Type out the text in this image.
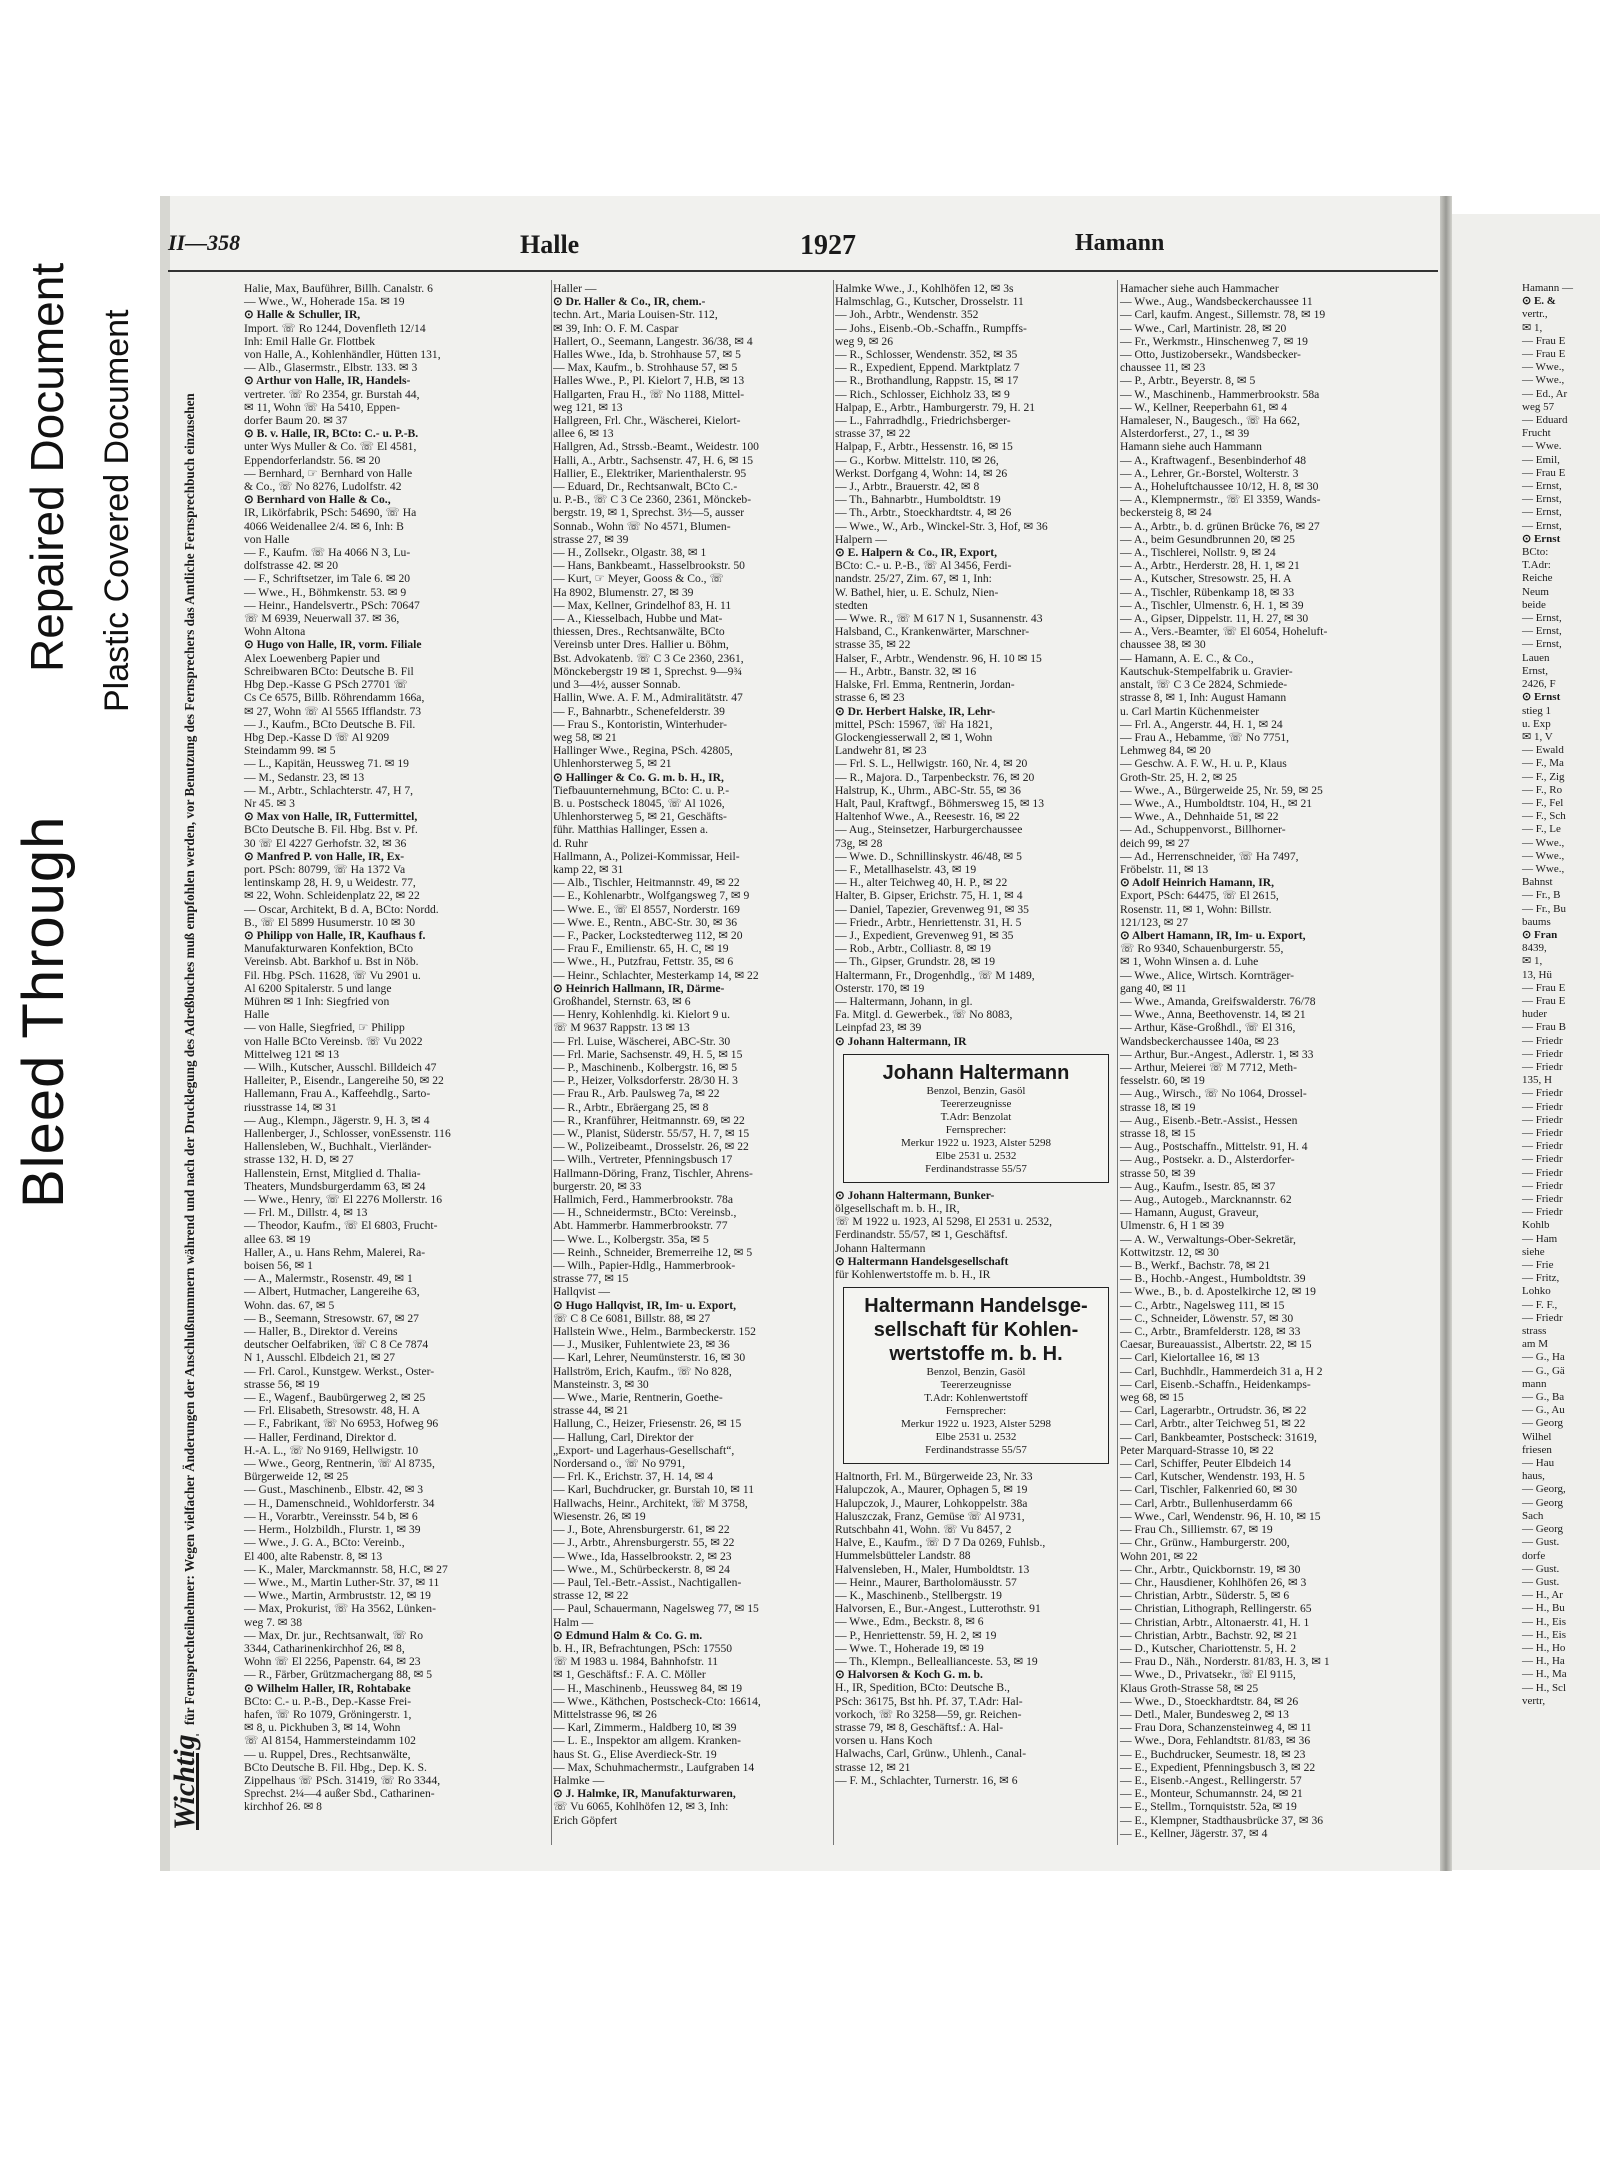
Bleed Through
Repaired Document Plastic Covered Document
II—358	Halle	1927	Hamann
Wichtig für Fernsprechteilnehmer: Wegen vielfacher Änderungen der Anschlußnummern während und nach der Drucklegung des Adreßbuches muß empfohlen werden, vor Benutzung des Fernsprechers das Amtliche Fernsprechbuch einzusehen
Halie, Max, Bauführer, Billh. Canalstr. 6
— Wwe., W., Hoherade 15a. ✉ 19
⊙ Halle & Schuller, IR,
Import. ☏ Ro 1244, Dovenfleth 12/14
Inh: Emil Halle Gr. Flottbek
von Halle, A., Kohlenhändler, Hütten 131,
— Alb., Glasermstr., Elbstr. 133. ✉ 3
⊙ Arthur von Halle, IR, Handels-
vertreter. ☏ Ro 2354, gr. Burstah 44,
✉ 11, Wohn ☏ Ha 5410, Eppen-
dorfer Baum 20. ✉ 37
⊙ B. v. Halle, IR, BCto: C.- u. P.-B.
unter Wys Muller & Co. ☏ El 4581,
Eppendorferlandstr. 56. ✉ 20
— Bernhard, ☞ Bernhard von Halle
& Co., ☏ No 8276, Ludolfstr. 42
⊙ Bernhard von Halle & Co.,
IR, Likörfabrik, PSch: 54690, ☏ Ha
4066 Weidenallee 2/4. ✉ 6, Inh: B
von Halle
— F., Kaufm. ☏ Ha 4066 N 3, Lu-
dolfstrasse 42. ✉ 20
— F., Schriftsetzer, im Tale 6. ✉ 20
— Wwe., H., Böhmkenstr. 53. ✉ 9
— Heinr., Handelsvertr., PSch: 70647
☏ M 6939, Neuerwall 37. ✉ 36,
Wohn Altona
⊙ Hugo von Halle, IR, vorm. Filiale
Alex Loewenberg Papier und
Schreibwaren BCto: Deutsche B. Fil
Hbg Dep.-Kasse G PSch 27701 ☏
Cs Ce 6575, Billb. Röhrendamm 166a,
✉ 27, Wohn ☏ Al 5565 Ifflandstr. 73
— J., Kaufm., BCto Deutsche B. Fil.
Hbg Dep.-Kasse D ☏ Al 9209
Steindamm 99. ✉ 5
— L., Kapitän, Heussweg 71. ✉ 19
— M., Sedanstr. 23, ✉ 13
— M., Arbtr., Schlachterstr. 47, H 7,
Nr 45. ✉ 3
⊙ Max von Halle, IR, Futtermittel,
BCto Deutsche B. Fil. Hbg. Bst v. Pf.
30 ☏ El 4227 Gerhofstr. 32, ✉ 36
⊙ Manfred P. von Halle, IR, Ex-
port. PSch: 80799, ☏ Ha 1372 Va
lentinskamp 28, H. 9, u Weidestr. 77,
✉ 22, Wohn. Schleidenplatz 22, ✉ 22
— Oscar, Architekt, B d. A, BCto: Nordd.
B., ☏ El 5899 Husumerstr. 10 ✉ 30
⊙ Philipp von Halle, IR, Kaufhaus f.
Manufakturwaren Konfektion, BCto
Vereinsb. Abt. Barkhof u. Bst in Nöb.
Fil. Hbg. PSch. 11628, ☏ Vu 2901 u.
Al 6200 Spitalerstr. 5 und lange
Mühren ✉ 1 Inh: Siegfried von
Halle
— von Halle, Siegfried, ☞ Philipp
von Halle BCto Vereinsb. ☏ Vu 2022
Mittelweg 121 ✉ 13
— Wilh., Kutscher, Ausschl. Billdeich 47
Halleiter, P., Eisendr., Langereihe 50, ✉ 22
Hallemann, Frau A., Kaffeehdlg., Sarto-
riusstrasse 14, ✉ 31
— Aug., Klempn., Jägerstr. 9, H. 3, ✉ 4
Hallenberger, J., Schlosser, vonEssenstr. 116
Hallensleben, W., Buchhalt., Vierländer-
strasse 132, H. D, ✉ 27
Hallenstein, Ernst, Mitglied d. Thalia-
Theaters, Mundsburgerdamm 63, ✉ 24
— Wwe., Henry, ☏ El 2276 Mollerstr. 16
— Frl. M., Dillstr. 4, ✉ 13
— Theodor, Kaufm., ☏ El 6803, Frucht-
allee 63. ✉ 19
Haller, A., u. Hans Rehm, Malerei, Ra-
boisen 56, ✉ 1
— A., Malermstr., Rosenstr. 49, ✉ 1
— Albert, Hutmacher, Langereihe 63,
Wohn. das. 67, ✉ 5
— B., Seemann, Stresowstr. 67, ✉ 27
— Haller, B., Direktor d. Vereins
deutscher Oelfabriken, ☏ C 8 Ce 7874
N 1, Ausschl. Elbdeich 21, ✉ 27
— Frl. Carol., Kunstgew. Werkst., Oster-
strasse 56, ✉ 19
— E., Wagenf., Baubürgerweg 2, ✉ 25
— Frl. Elisabeth, Stresowstr. 48, H. A
— F., Fabrikant, ☏ No 6953, Hofweg 96
— Haller, Ferdinand, Direktor d.
H.-A. L., ☏ No 9169, Hellwigstr. 10
— Wwe., Georg, Rentnerin, ☏ Al 8735,
Bürgerweide 12, ✉ 25
— Gust., Maschinenb., Elbstr. 42, ✉ 3
— H., Damenschneid., Wohldorferstr. 34
— H., Vorarbtr., Vereinsstr. 54 b, ✉ 6
— Herm., Holzbildh., Flurstr. 1, ✉ 39
— Wwe., J. G. A., BCto: Vereinb.,
El 400, alte Rabenstr. 8, ✉ 13
— K., Maler, Marckmannstr. 58, H.C, ✉ 27
— Wwe., M., Martin Luther-Str. 37, ✉ 11
— Wwe., Martin, Armbruststr. 12, ✉ 19
— Max, Prokurist, ☏ Ha 3562, Lünken-
weg 7. ✉ 38
— Max, Dr. jur., Rechtsanwalt, ☏ Ro
3344, Catharinenkirchhof 26, ✉ 8,
Wohn ☏ El 2256, Papenstr. 64, ✉ 23
— R., Färber, Grützmachergang 88, ✉ 5
⊙ Wilhelm Haller, IR, Rohtabake
BCto: C.- u. P.-B., Dep.-Kasse Frei-
hafen, ☏ Ro 1079, Gröningerstr. 1,
✉ 8, u. Pickhuben 3, ✉ 14, Wohn
☏ Al 8154, Hammersteindamm 102
— u. Ruppel, Dres., Rechtsanwälte,
BCto Deutsche B. Fil. Hbg., Dep. K. S.
Zippelhaus ☏ PSch. 31419, ☏ Ro 3344,
Sprechst. 2¼—4 außer Sbd., Catharinen-
kirchhof 26. ✉ 8
Haller —
⊙ Dr. Haller & Co., IR, chem.-
techn. Art., Maria Louisen-Str. 112,
✉ 39, Inh: O. F. M. Caspar
Hallert, O., Seemann, Langestr. 36/38, ✉ 4
Halles Wwe., Ida, b. Strohhause 57, ✉ 5
— Max, Kaufm., b. Strohhause 57, ✉ 5
Halles Wwe., P., Pl. Kielort 7, H.B, ✉ 13
Hallgarten, Frau H., ☏ No 1188, Mittel-
weg 121, ✉ 13
Hallgreen, Frl. Chr., Wäscherei, Kielort-
allee 6, ✉ 13
Hallgren, Ad., Strssb.-Beamt., Weidestr. 100
Halli, A., Arbtr., Sachsenstr. 47, H. 6, ✉ 15
Hallier, E., Elektriker, Marienthalerstr. 95
— Eduard, Dr., Rechtsanwalt, BCto C.-
u. P.-B., ☏ C 3 Ce 2360, 2361, Mönckeb-
bergstr. 19, ✉ 1, Sprechst. 3½—5, ausser
Sonnab., Wohn ☏ No 4571, Blumen-
strasse 27, ✉ 39
— H., Zollsekr., Olgastr. 38, ✉ 1
— Hans, Bankbeamt., Hasselbrookstr. 50
— Kurt, ☞ Meyer, Gooss & Co., ☏
Ha 8902, Blumenstr. 27, ✉ 39
— Max, Kellner, Grindelhof 83, H. 11
— A., Kiesselbach, Hubbe und Mat-
thiessen, Dres., Rechtsanwälte, BCto
Vereinsb unter Dres. Hallier u. Böhm,
Bst. Advokatenb. ☏ C 3 Ce 2360, 2361,
Mönckebergstr 19 ✉ 1, Sprechst. 9—9¾
und 3—4½, ausser Sonnab.
Hallin, Wwe. A. F. M., Admiralitätstr. 47
— F., Bahnarbtr., Schenefelderstr. 39
— Frau S., Kontoristin, Winterhuder-
weg 58, ✉ 21
Hallinger Wwe., Regina, PSch. 42805,
Uhlenhorsterweg 5, ✉ 21
⊙ Hallinger & Co. G. m. b. H., IR,
Tiefbauunternehmung, BCto: C. u. P.-
B. u. Postscheck 18045, ☏ Al 1026,
Uhlenhorsterweg 5, ✉ 21, Geschäfts-
führ. Matthias Hallinger, Essen a.
d. Ruhr
Hallmann, A., Polizei-Kommissar, Heil-
kamp 22, ✉ 31
— Alb., Tischler, Heitmannstr. 49, ✉ 22
— E., Kohlenarbtr., Wolfgangsweg 7, ✉ 9
— Wwe. E., ☏ El 8557, Norderstr. 169
— Wwe. E., Rentn., ABC-Str. 30, ✉ 36
— F., Packer, Lockstedterweg 112, ✉ 20
— Frau F., Emilienstr. 65, H. C, ✉ 19
— Wwe., H., Putzfrau, Fettstr. 35, ✉ 6
— Heinr., Schlachter, Mesterkamp 14, ✉ 22
⊙ Heinrich Hallmann, IR, Därme-
Großhandel, Sternstr. 63, ✉ 6
— Henry, Kohlenhdlg. ki. Kielort 9 u.
☏ M 9637 Rappstr. 13 ✉ 13
— Frl. Luise, Wäscherei, ABC-Str. 30
— Frl. Marie, Sachsenstr. 49, H. 5, ✉ 15
— P., Maschinenb., Kolbergstr. 16, ✉ 5
— P., Heizer, Volksdorferstr. 28/30 H. 3
— Frau R., Arb. Paulsweg 7a, ✉ 22
— R., Arbtr., Ebräergang 25, ✉ 8
— R., Kranführer, Heitmannstr. 69, ✉ 22
— W., Planist, Süderstr. 55/57, H. 7, ✉ 15
— W., Polizeibeamt., Drosselstr. 26, ✉ 22
— Wilh., Vertreter, Pfenningsbusch 17
Hallmann-Döring, Franz, Tischler, Ahrens-
burgerstr. 20, ✉ 33
Hallmich, Ferd., Hammerbrookstr. 78a
— H., Schneidermstr., BCto: Vereinsb.,
Abt. Hammerbr. Hammerbrookstr. 77
— Wwe. L., Kolbergstr. 35a, ✉ 5
— Reinh., Schneider, Bremerreihe 12, ✉ 5
— Wilh., Papier-Hdlg., Hammerbrook-
strasse 77, ✉ 15
Hallqvist —
⊙ Hugo Hallqvist, IR, Im- u. Export,
☏ C 8 Ce 6081, Billstr. 88, ✉ 27
Hallstein Wwe., Helm., Barmbeckerstr. 152
— J., Musiker, Fuhlentwiete 23, ✉ 36
— Karl, Lehrer, Neumünsterstr. 16, ✉ 30
Hallström, Erich, Kaufm., ☏ No 828,
Mansteinstr. 3, ✉ 30
— Wwe., Marie, Rentnerin, Goethe-
strasse 44, ✉ 21
Hallung, C., Heizer, Friesenstr. 26, ✉ 15
— Hallung, Carl, Direktor der
„Export- und Lagerhaus-Gesellschaft“,
Nordersand o., ☏ No 9791,
— Frl. K., Erichstr. 37, H. 14, ✉ 4
— Karl, Buchdrucker, gr. Burstah 10, ✉ 11
Hallwachs, Heinr., Architekt, ☏ M 3758,
Wiesenstr. 26, ✉ 19
— J., Bote, Ahrensburgerstr. 61, ✉ 22
— J., Arbtr., Ahrensburgerstr. 55, ✉ 22
— Wwe., Ida, Hasselbrookstr. 2, ✉ 23
— Wwe., M., Schürbeckerstr. 8, ✉ 24
— Paul, Tel.-Betr.-Assist., Nachtigallen-
strasse 12, ✉ 22
— Paul, Schauermann, Nagelsweg 77, ✉ 15
Halm —
⊙ Edmund Halm & Co. G. m.
b. H., IR, Befrachtungen, PSch: 17550
☏ M 1983 u. 1984, Bahnhofstr. 11
✉ 1, Geschäftsf.: F. A. C. Möller
— H., Maschinenb., Heussweg 84, ✉ 19
— Wwe., Käthchen, Postscheck-Cto: 16614,
Mittelstrasse 96, ✉ 26
— Karl, Zimmerm., Haldberg 10, ✉ 39
— L. E., Inspektor am allgem. Kranken-
haus St. G., Elise Averdieck-Str. 19
— Max, Schuhmachermstr., Laufgraben 14
Halmke —
⊙ J. Halmke, IR, Manufakturwaren,
☏ Vu 6065, Kohlhöfen 12, ✉ 3, Inh:
Erich Göpfert
Halmke Wwe., J., Kohlhöfen 12, ✉ 3s
Halmschlag, G., Kutscher, Drosselstr. 11
— Joh., Arbtr., Wendenstr. 352
— Johs., Eisenb.-Ob.-Schaffn., Rumpffs-
weg 9, ✉ 26
— R., Schlosser, Wendenstr. 352, ✉ 35
— R., Expedient, Eppend. Marktplatz 7
— R., Brothandlung, Rappstr. 15, ✉ 17
— Rich., Schlosser, Eichholz 33, ✉ 9
Halpap, E., Arbtr., Hamburgerstr. 79, H. 21
— L., Fahrradhdlg., Friedrichsberger-
strasse 37, ✉ 22
Halpap, F., Arbtr., Hessenstr. 16, ✉ 15
— G., Korbw. Mittelstr. 110, ✉ 26,
Werkst. Dorfgang 4, Wohn: 14, ✉ 26
— J., Arbtr., Brauerstr. 42, ✉ 8
— Th., Bahnarbtr., Humboldtstr. 19
— Th., Arbtr., Stoeckhardtstr. 4, ✉ 26
— Wwe., W., Arb., Winckel-Str. 3, Hof, ✉ 36
Halpern —
⊙ E. Halpern & Co., IR, Export,
BCto: C.- u. P.-B., ☏ Al 3456, Ferdi-
nandstr. 25/27, Zim. 67, ✉ 1, Inh:
W. Bathel, hier, u. E. Schulz, Nien-
stedten
— Wwe. R., ☏ M 617 N 1, Susannenstr. 43
Halsband, C., Krankenwärter, Marschner-
strasse 35, ✉ 22
Halser, F., Arbtr., Wendenstr. 96, H. 10 ✉ 15
— H., Arbtr., Banstr. 32, ✉ 16
Halske, Frl. Emma, Rentnerin, Jordan-
strasse 6, ✉ 23
⊙ Dr. Herbert Halske, IR, Lehr-
mittel, PSch: 15967, ☏ Ha 1821,
Glockengiesserwall 2, ✉ 1, Wohn
Landwehr 81, ✉ 23
— Frl. S. L., Hellwigstr. 160, Nr. 4, ✉ 20
— R., Majora. D., Tarpenbeckstr. 76, ✉ 20
Halstrup, K., Uhrm., ABC-Str. 55, ✉ 36
Halt, Paul, Kraftwgf., Böhmersweg 15, ✉ 13
Haltenhof Wwe., A., Reesestr. 16, ✉ 22
— Aug., Steinsetzer, Harburgerchaussee
73g, ✉ 28
— Wwe. D., Schnillinskystr. 46/48, ✉ 5
— F., Metallhaselstr. 43, ✉ 19
— H., alter Teichweg 40, H. P., ✉ 22
Halter, B. Gipser, Erichstr. 75, H. 1, ✉ 4
— Daniel, Tapezier, Grevenweg 91, ✉ 35
— Friedr., Arbtr., Henriettenstr. 31, H. 5
— J., Expedient, Grevenweg 91, ✉ 35
— Rob., Arbtr., Colliastr. 8, ✉ 19
— Th., Gipser, Grundstr. 28, ✉ 19
Haltermann, Fr., Drogenhdlg., ☏ M 1489,
Osterstr. 170, ✉ 19
— Haltermann, Johann, in gl.
Fa. Mitgl. d. Gewerbek., ☏ No 8083,
Leinpfad 23, ✉ 39
⊙ Johann Haltermann, IR
Johann Haltermann
Benzol, Benzin, Gasöl
Teererzeugnisse
T.Adr: Benzolat
Fernsprecher:
Merkur 1922 u. 1923, Alster 5298
Elbe 2531 u. 2532
Ferdinandstrasse 55/57
⊙ Johann Haltermann, Bunker-
ölgesellschaft m. b. H., IR,
☏ M 1922 u. 1923, Al 5298, El 2531 u. 2532,
Ferdinandstr. 55/57, ✉ 1, Geschäftsf.
Johann Haltermann
⊙ Haltermann Handelsgesellschaft
für Kohlenwertstoffe m. b. H., IR
Haltermann Handelsge-sellschaft für Kohlen-wertstoffe m. b. H.
Benzol, Benzin, Gasöl
Teererzeugnisse
T.Adr: Kohlenwertstoff
Fernsprecher:
Merkur 1922 u. 1923, Alster 5298
Elbe 2531 u. 2532
Ferdinandstrasse 55/57
Haltnorth, Frl. M., Bürgerweide 23, Nr. 33
Halupczok, A., Maurer, Ophagen 5, ✉ 19
Halupczok, J., Maurer, Lohkoppelstr. 38a
Haluszczak, Franz, Gemüse ☏ Al 9731,
Rutschbahn 41, Wohn. ☏ Vu 8457, 2
Halve, E., Kaufm., ☏ D 7 Da 0269, Fuhlsb.,
Hummelsbütteler Landstr. 88
Halvensleben, H., Maler, Humboldtstr. 13
— Heinr., Maurer, Bartholomäusstr. 57
— K., Maschinenb., Stellbergstr. 19
Halvorsen, E., Bur.-Angest., Lutterothstr. 91
— Wwe., Edm., Beckstr. 8, ✉ 6
— P., Henriettenstr. 59, H. 2, ✉ 19
— Wwe. T., Hoherade 19, ✉ 19
— Th., Klempn., Belleallianceste. 53, ✉ 19
⊙ Halvorsen & Koch G. m. b.
H., IR, Spedition, BCto: Deutsche B.,
PSch: 36175, Bst hh. Pf. 37, T.Adr: Hal-
vorkoch, ☏ Ro 3258—59, gr. Reichen-
strasse 79, ✉ 8, Geschäftsf.: A. Hal-
vorsen u. Hans Koch
Halwachs, Carl, Grünw., Uhlenh., Canal-
strasse 12, ✉ 21
— F. M., Schlachter, Turnerstr. 16, ✉ 6
Hamacher siehe auch Hammacher
— Wwe., Aug., Wandsbeckerchaussee 11
— Carl, kaufm. Angest., Sillemstr. 78, ✉ 19
— Wwe., Carl, Martinistr. 28, ✉ 20
— Fr., Werkmstr., Hinschenweg 7, ✉ 19
— Otto, Justizobersekr., Wandsbecker-
chaussee 11, ✉ 23
— P., Arbtr., Beyerstr. 8, ✉ 5
— W., Maschinenb., Hammerbrookstr. 58a
— W., Kellner, Reeperbahn 61, ✉ 4
Hamaleser, N., Baugesch., ☏ Ha 662,
Alsterdorferst., 27, 1., ✉ 39
Hamann siehe auch Hammann
— A., Kraftwagenf., Besenbinderhof 48
— A., Lehrer, Gr.-Borstel, Wolterstr. 3
— A., Hoheluftchaussee 10/12, H. 8, ✉ 30
— A., Klempnermstr., ☏ El 3359, Wands-
beckersteig 8, ✉ 24
— A., Arbtr., b. d. grünen Brücke 76, ✉ 27
— A., beim Gesundbrunnen 20, ✉ 25
— A., Tischlerei, Nollstr. 9, ✉ 24
— A., Arbtr., Herderstr. 28, H. 1, ✉ 21
— A., Kutscher, Stresowstr. 25, H. A
— A., Tischler, Rübenkamp 18, ✉ 33
— A., Tischler, Ulmenstr. 6, H. 1, ✉ 39
— A., Gipser, Dippelstr. 11, H. 27, ✉ 30
— A., Vers.-Beamter, ☏ El 6054, Hoheluft-
chaussee 38, ✉ 30
— Hamann, A. E. C., & Co.,
Kautschuk-Stempelfabrik u. Gravier-
anstalt, ☏ C 3 Ce 2824, Schmiede-
strasse 8, ✉ 1, Inh: August Hamann
u. Carl Martin Küchenmeister
— Frl. A., Angerstr. 44, H. 1, ✉ 24
— Frau A., Hebamme, ☏ No 7751,
Lehmweg 84, ✉ 20
— Geschw. A. F. W., H. u. P., Klaus
Groth-Str. 25, H. 2, ✉ 25
— Wwe., A., Bürgerweide 25, Nr. 59, ✉ 25
— Wwe., A., Humboldtstr. 104, H., ✉ 21
— Wwe., A., Dehnhaide 51, ✉ 22
— Ad., Schuppenvorst., Billhorner-
deich 99, ✉ 27
— Ad., Herrenschneider, ☏ Ha 7497,
Fröbelstr. 11, ✉ 13
⊙ Adolf Heinrich Hamann, IR,
Export, PSch: 64475, ☏ El 2615,
Rosenstr. 11, ✉ 1, Wohn: Billstr.
121/123, ✉ 27
⊙ Albert Hamann, IR, Im- u. Export,
☏ Ro 9340, Schauenburgerstr. 55,
✉ 1, Wohn Winsen a. d. Luhe
— Wwe., Alice, Wirtsch. Kornträger-
gang 40, ✉ 11
— Wwe., Amanda, Greifswalderstr. 76/78
— Wwe., Anna, Beethovenstr. 14, ✉ 21
— Arthur, Käse-Großhdl., ☏ El 316,
Wandsbeckerchaussee 140a, ✉ 23
— Arthur, Bur.-Angest., Adlerstr. 1, ✉ 33
— Arthur, Meierei ☏ M 7712, Meth-
fesselstr. 60, ✉ 19
— Aug., Wirsch., ☏ No 1064, Drossel-
strasse 18, ✉ 19
— Aug., Eisenb.-Betr.-Assist., Hessen
strasse 18, ✉ 15
— Aug., Postschaffn., Mittelstr. 91, H. 4
— Aug., Postsekr. a. D., Alsterdorfer-
strasse 50, ✉ 39
— Aug., Kaufm., Isestr. 85, ✉ 37
— Aug., Autogeb., Marcknannstr. 62
— Hamann, August, Graveur,
Ulmenstr. 6, H 1 ✉ 39
— A. W., Verwaltungs-Ober-Sekretär,
Kottwitzstr. 12, ✉ 30
— B., Werkf., Bachstr. 78, ✉ 21
— B., Hochb.-Angest., Humboldtstr. 39
— Wwe., B., b. d. Apostelkirche 12, ✉ 19
— C., Arbtr., Nagelsweg 111, ✉ 15
— C., Schneider, Löwenstr. 57, ✉ 30
— C., Arbtr., Bramfelderstr. 128, ✉ 33
Caesar, Bureauassist., Albertstr. 22, ✉ 15
— Carl, Kielortallee 16, ✉ 13
— Carl, Buchhdlr., Hammerdeich 31 a, H 2
— Carl, Eisenb.-Schaffn., Heidenkamps-
weg 68, ✉ 15
— Carl, Lagerarbtr., Ortrudstr. 36, ✉ 22
— Carl, Arbtr., alter Teichweg 51, ✉ 22
— Carl, Bankbeamter, Postscheck: 31619,
Peter Marquard-Strasse 10, ✉ 22
— Carl, Schiffer, Peuter Elbdeich 14
— Carl, Kutscher, Wendenstr. 193, H. 5
— Carl, Tischler, Falkenried 60, ✉ 30
— Carl, Arbtr., Bullenhuserdamm 66
— Wwe., Carl, Wendenstr. 96, H. 10, ✉ 15
— Frau Ch., Silliemstr. 67, ✉ 19
— Chr., Grünw., Hamburgerstr. 200,
Wohn 201, ✉ 22
— Chr., Arbtr., Quickbornstr. 19, ✉ 30
— Chr., Hausdiener, Kohlhöfen 26, ✉ 3
— Christian, Arbtr., Süderstr. 5, ✉ 6
— Christian, Lithograph, Rellingerstr. 65
— Christian, Arbtr., Altonaerstr. 41, H. 1
— Christian, Arbtr., Bachstr. 92, ✉ 21
— D., Kutscher, Chariottenstr. 5, H. 2
— Frau D., Näh., Norderstr. 81/83, H. 3, ✉ 1
— Wwe., D., Privatsekr., ☏ El 9115,
Klaus Groth-Strasse 58, ✉ 25
— Wwe., D., Stoeckhardtstr. 84, ✉ 26
— Detl., Maler, Bundesweg 2, ✉ 13
— Frau Dora, Schanzensteinweg 4, ✉ 11
— Wwe., Dora, Fehlandtstr. 81/83, ✉ 36
— E., Buchdrucker, Seumestr. 18, ✉ 23
— E., Expedient, Pfenningsbusch 3, ✉ 22
— E., Eisenb.-Angest., Rellingerstr. 57
— E., Monteur, Schumannstr. 24, ✉ 21
— E., Stellm., Tornquiststr. 52a, ✉ 19
— E., Klempner, Stadthausbrücke 37, ✉ 36
— E., Kellner, Jägerstr. 37, ✉ 4
Hamann —
⊙ E. &
vertr.,
✉ 1,
— Frau E
— Frau E
— Wwe.,
— Wwe.,
— Ed., Ar
weg 57
— Eduard
Frucht
— Wwe.
— Emil,
— Frau E
— Ernst,
— Ernst,
— Ernst,
— Ernst,
⊙ Ernst
BCto:
T.Adr:
Reiche
Neum
beide
— Ernst,
— Ernst,
— Ernst,
Lauen
Ernst,
2426, F
⊙ Ernst
stieg 1
u. Exp
✉ 1, V
— Ewald
— F., Ma
— F., Zig
— F., Ro
— F., Fel
— F., Sch
— F., Le
— Wwe.,
— Wwe.,
— Wwe.,
Bahnst
— Fr., B
— Fr., Bu
baums
⊙ Fran
8439,
✉ 1,
13, Hü
— Frau E
— Frau E
huder
— Frau B
— Friedr
— Friedr
— Friedr
135, H
— Friedr
— Friedr
— Friedr
— Friedr
— Friedr
— Friedr
— Friedr
— Friedr
— Friedr
— Friedr
Kohlb
— Ham
siehe
— Frie
— Fritz,
Lohko
— F. F.,
— Friedr
strass
am M
— G., Ha
— G., Gä
mann
— G., Ba
— G., Au
— Georg
Wilhel
friesen
— Hau
haus,
— Georg,
— Georg
Sach
— Georg
— Gust.
dorfe
— Gust.
— Gust.
— H., Ar
— H., Bu
— H., Eis
— H., Eis
— H., Ho
— H., Ha
— H., Ma
— H., Scl
vertr,
